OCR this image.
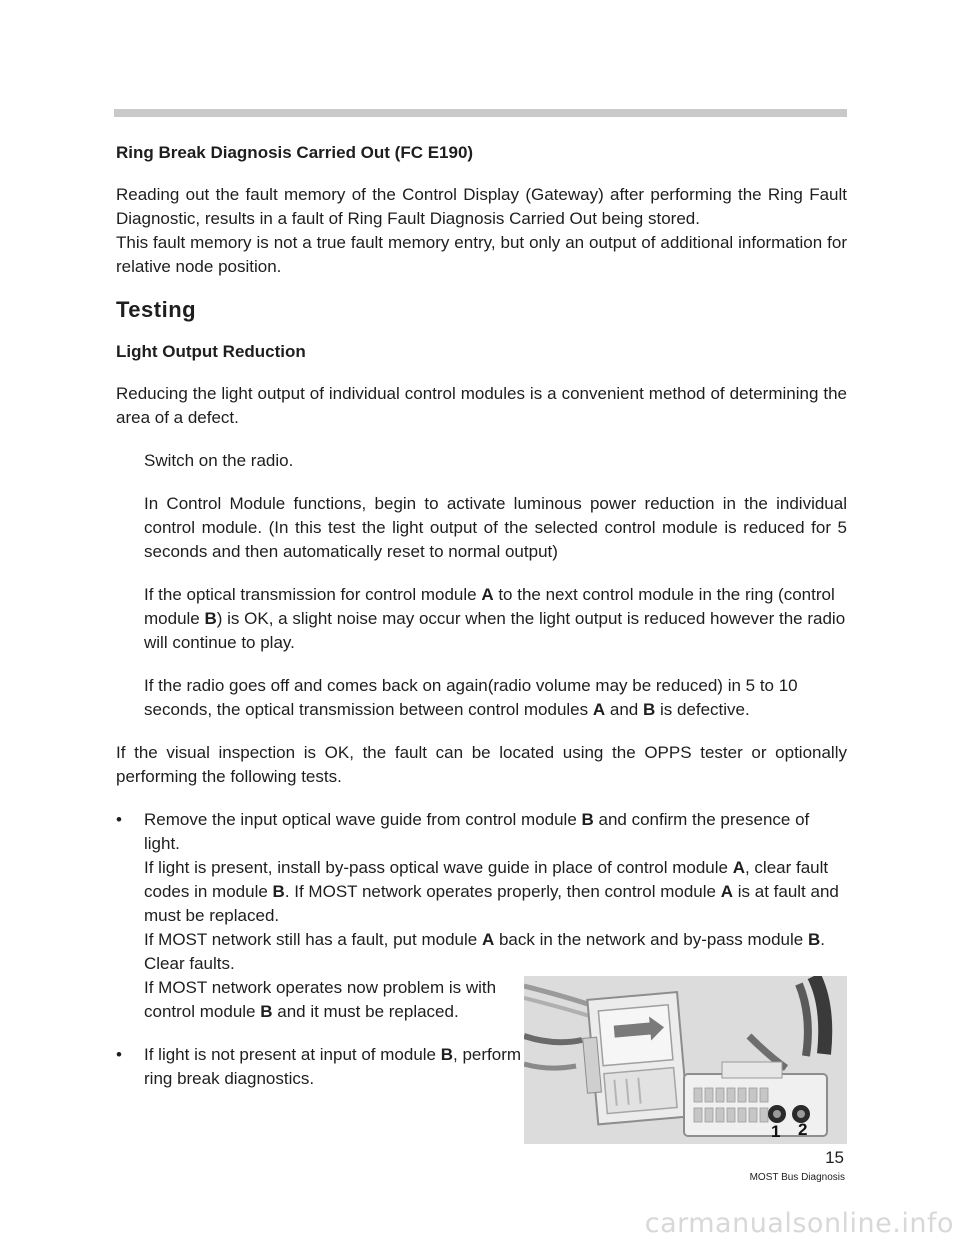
Ring Break Diagnosis Carried Out (FC E190)
Reading out the fault memory of the Control Display (Gateway) after performing the Ring Fault Diagnostic, results in a fault of Ring Fault Diagnosis Carried Out being stored.
This fault memory is not a true fault memory entry, but only an output of additional information for relative node position.
Testing
Light Output Reduction
Reducing the light output of individual control modules is a convenient method of determining the area of a defect.
Switch on the radio.
In Control Module functions, begin to activate luminous power reduction in the individual control module. (In this test the light output of the selected control module is reduced for 5 seconds and then automatically reset to normal output)
If the optical transmission for control module A to the next control module in the ring (control module B) is OK, a slight noise may occur when the light output is reduced however the radio will continue to play.
If the radio goes off and comes back on again(radio volume may be reduced) in 5 to 10 seconds, the optical transmission between control modules A and B is defective.
If the visual inspection is OK, the fault can be located using the OPPS tester or optionally performing the following tests.
• Remove the input optical wave guide from control module B and confirm the presence of light.
If light is present, install by-pass optical wave guide in place of control module A, clear fault codes in module B. If MOST network operates properly, then control module A is at fault and must be replaced.
If MOST network still has a fault, put module A back in the network and by-pass module B. Clear faults.
If MOST network operates now problem is with control module B and it must be replaced.
• If light is not present at input of module B, perform ring break diagnostics.
1 2
15
MOST Bus Diagnosis
carmanualsonline.info
